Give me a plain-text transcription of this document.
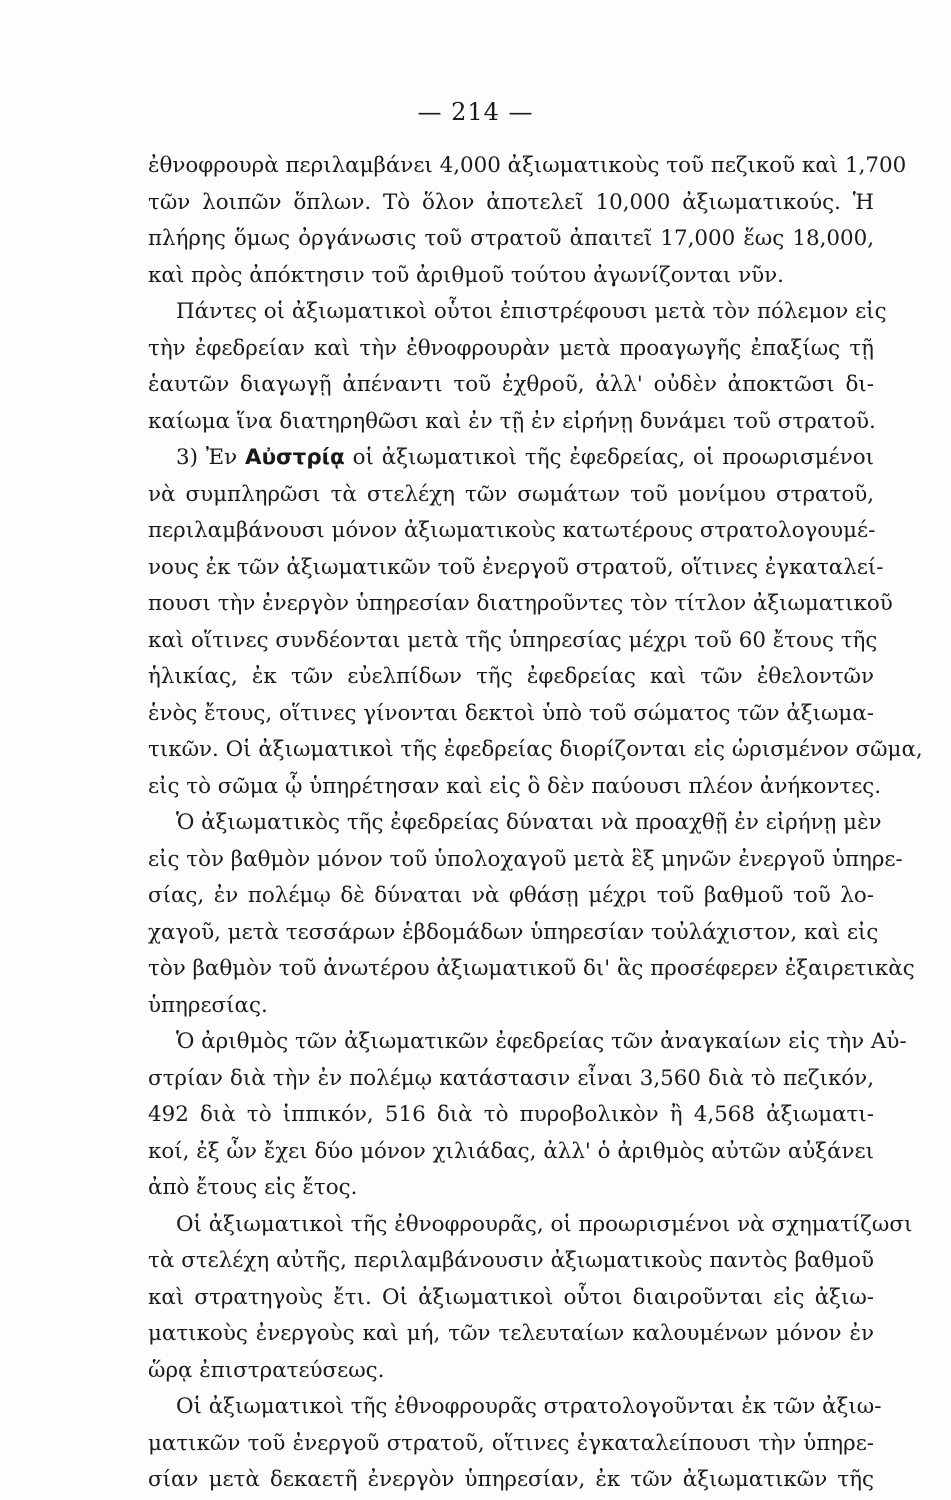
— 214 —
ἐθνοφρουρὰ περιλαμβάνει 4,000 ἀξιωματικοὺς τοῦ πεζικοῦ καὶ 1,700
τῶν λοιπῶν ὅπλων. Τὸ ὅλον ἀποτελεῖ 10,000 ἀξιωματικούς. Ἡ
πλήρης ὅμως ὀργάνωσις τοῦ στρατοῦ ἀπαιτεῖ 17,000 ἕως 18,000,
καὶ πρὸς ἀπόκτησιν τοῦ ἀριθμοῦ τούτου ἀγωνίζονται νῦν.
Πάντες οἱ ἀξιωματικοὶ οὗτοι ἐπιστρέφουσι μετὰ τὸν πόλεμον εἰς
τὴν ἐφεδρείαν καὶ τὴν ἐθνοφρουρὰν μετὰ προαγωγῆς ἐπαξίως τῇ
ἑαυτῶν διαγωγῇ ἀπέναντι τοῦ ἐχθροῦ, ἀλλ' οὐδὲν ἀποκτῶσι δι-
καίωμα ἵνα διατηρηθῶσι καὶ ἐν τῇ ἐν εἰρήνῃ δυνάμει τοῦ στρατοῦ.
3) Ἐν Αὐστρίᾳ οἱ ἀξιωματικοὶ τῆς ἐφεδρείας, οἱ προωρισμένοι
νὰ συμπληρῶσι τὰ στελέχη τῶν σωμάτων τοῦ μονίμου στρατοῦ,
περιλαμβάνουσι μόνον ἀξιωματικοὺς κατωτέρους στρατολογουμέ-
νους ἐκ τῶν ἀξιωματικῶν τοῦ ἐνεργοῦ στρατοῦ, οἵτινες ἐγκαταλεί-
πουσι τὴν ἐνεργὸν ὑπηρεσίαν διατηροῦντες τὸν τίτλον ἀξιωματικοῦ
καὶ οἵτινες συνδέονται μετὰ τῆς ὑπηρεσίας μέχρι τοῦ 60 ἔτους τῆς
ἡλικίας, ἐκ τῶν εὐελπίδων τῆς ἐφεδρείας καὶ τῶν ἐθελοντῶν
ἑνὸς ἔτους, οἵτινες γίνονται δεκτοὶ ὑπὸ τοῦ σώματος τῶν ἀξιωμα-
τικῶν. Οἱ ἀξιωματικοὶ τῆς ἐφεδρείας διορίζονται εἰς ὡρισμένον σῶμα,
εἰς τὸ σῶμα ᾧ ὑπηρέτησαν καὶ εἰς ὃ δὲν παύουσι πλέον ἀνήκοντες.
Ὁ ἀξιωματικὸς τῆς ἐφεδρείας δύναται νὰ προαχθῇ ἐν εἰρήνῃ μὲν
εἰς τὸν βαθμὸν μόνον τοῦ ὑπολοχαγοῦ μετὰ ἓξ μηνῶν ἐνεργοῦ ὑπηρε-
σίας, ἐν πολέμῳ δὲ δύναται νὰ φθάσῃ μέχρι τοῦ βαθμοῦ τοῦ λο-
χαγοῦ, μετὰ τεσσάρων ἑβδομάδων ὑπηρεσίαν τοὐλάχιστον, καὶ εἰς
τὸν βαθμὸν τοῦ ἀνωτέρου ἀξιωματικοῦ δι' ἃς προσέφερεν ἐξαιρετικὰς
ὑπηρεσίας.
Ὁ ἀριθμὸς τῶν ἀξιωματικῶν ἐφεδρείας τῶν ἀναγκαίων εἰς τὴν Αὐ-
στρίαν διὰ τὴν ἐν πολέμῳ κατάστασιν εἶναι 3,560 διὰ τὸ πεζικόν,
492 διὰ τὸ ἱππικόν, 516 διὰ τὸ πυροβολικὸν ἢ 4,568 ἀξιωματι-
κοί, ἐξ ὧν ἔχει δύο μόνον χιλιάδας, ἀλλ' ὁ ἀριθμὸς αὐτῶν αὐξάνει
ἀπὸ ἔτους εἰς ἔτος.
Οἱ ἀξιωματικοὶ τῆς ἐθνοφρουρᾶς, οἱ προωρισμένοι νὰ σχηματίζωσι
τὰ στελέχη αὐτῆς, περιλαμβάνουσιν ἀξιωματικοὺς παντὸς βαθμοῦ
καὶ στρατηγοὺς ἔτι. Οἱ ἀξιωματικοὶ οὗτοι διαιροῦνται εἰς ἀξιω-
ματικοὺς ἐνεργοὺς καὶ μή, τῶν τελευταίων καλουμένων μόνον ἐν
ὥρᾳ ἐπιστρατεύσεως.
Οἱ ἀξιωματικοὶ τῆς ἐθνοφρουρᾶς στρατολογοῦνται ἐκ τῶν ἀξιω-
ματικῶν τοῦ ἐνεργοῦ στρατοῦ, οἵτινες ἐγκαταλείπουσι τὴν ὑπηρε-
σίαν μετὰ δεκαετῆ ἐνεργὸν ὑπηρεσίαν, ἐκ τῶν ἀξιωματικῶν τῆς
